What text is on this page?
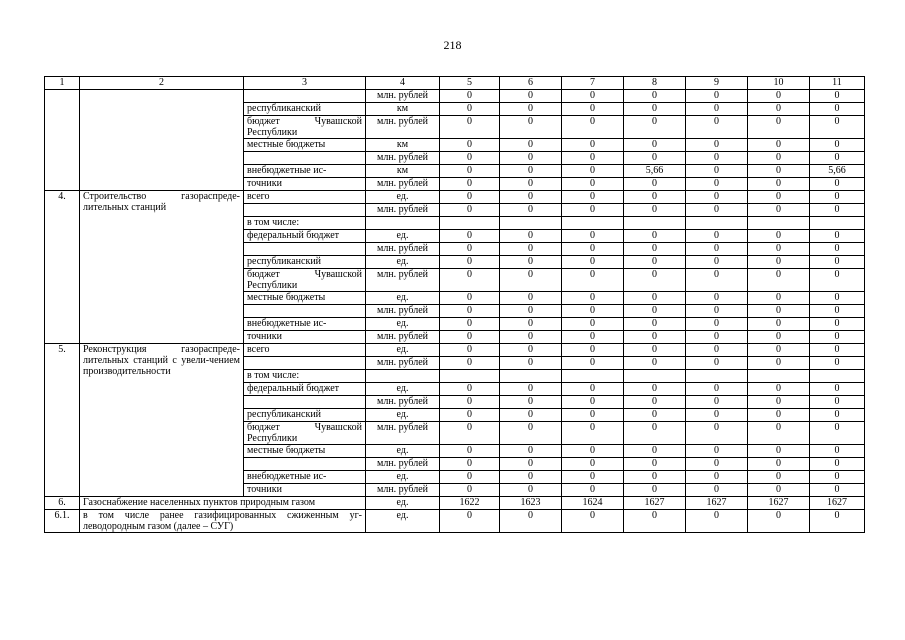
218
1	2	3	4	5	6	7	8	9	10	11
			млн. рублей	0	0	0	0	0	0	0
		республиканский	км	0	0	0	0	0	0	0
		бюджет Чувашской Республики	млн. рублей	0	0	0	0	0	0	0
		местные бюджеты	км	0	0	0	0	0	0	0
			млн. рублей	0	0	0	0	0	0	0
		внебюджетные ис-	км	0	0	0	5,66	0	0	5,66
		точники	млн. рублей	0	0	0	0	0	0	0
4.	Строительство газораспреде-лительных станций	всего	ед.	0	0	0	0	0	0	0
			млн. рублей	0	0	0	0	0	0	0
		в том числе:								
		федеральный бюджет	ед.	0	0	0	0	0	0	0
			млн. рублей	0	0	0	0	0	0	0
		республиканский	ед.	0	0	0	0	0	0	0
		бюджет Чувашской Республики	млн. рублей	0	0	0	0	0	0	0
		местные бюджеты	ед.	0	0	0	0	0	0	0
			млн. рублей	0	0	0	0	0	0	0
		внебюджетные ис-	ед.	0	0	0	0	0	0	0
		точники	млн. рублей	0	0	0	0	0	0	0
5.	Реконструкция газораспреде-лительных станций с увели-чением производительности	всего	ед.	0	0	0	0	0	0	0
			млн. рублей	0	0	0	0	0	0	0
		в том числе:								
		федеральный бюджет	ед.	0	0	0	0	0	0	0
			млн. рублей	0	0	0	0	0	0	0
		республиканский	ед.	0	0	0	0	0	0	0
		бюджет Чувашской Республики	млн. рублей	0	0	0	0	0	0	0
		местные бюджеты	ед.	0	0	0	0	0	0	0
			млн. рублей	0	0	0	0	0	0	0
		внебюджетные ис-	ед.	0	0	0	0	0	0	0
		точники	млн. рублей	0	0	0	0	0	0	0
6.	Газоснабжение населенных пунктов природным газом		ед.	1622	1623	1624	1627	1627	1627	1627
6.1.	в том числе ранее газифицированных сжиженным уг-леводородным газом (далее – СУГ)		ед.	0	0	0	0	0	0	0
